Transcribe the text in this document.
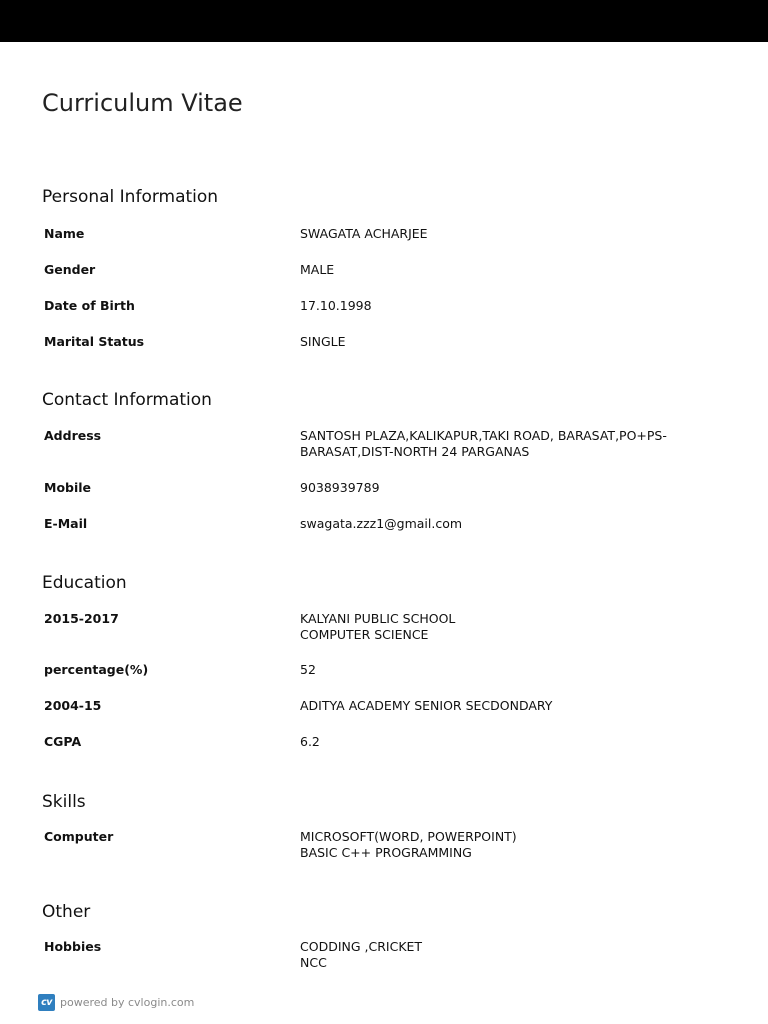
Curriculum Vitae
Personal Information
Name	SWAGATA ACHARJEE
Gender	MALE
Date of Birth	17.10.1998
Marital Status	SINGLE
Contact Information
Address	SANTOSH PLAZA,KALIKAPUR,TAKI ROAD, BARASAT,PO+PS-
BARASAT,DIST-NORTH 24 PARGANAS
Mobile	9038939789
E-Mail	swagata.zzz1@gmail.com
Education
2015-2017	KALYANI PUBLIC SCHOOL
COMPUTER SCIENCE
percentage(%)	52
2004-15	ADITYA ACADEMY SENIOR SECDONDARY
CGPA	6.2
Skills
Computer	MICROSOFT(WORD, POWERPOINT)
BASIC C++ PROGRAMMING
Other
Hobbies	CODDING ,CRICKET
NCC
cv powered by cvlogin.com
